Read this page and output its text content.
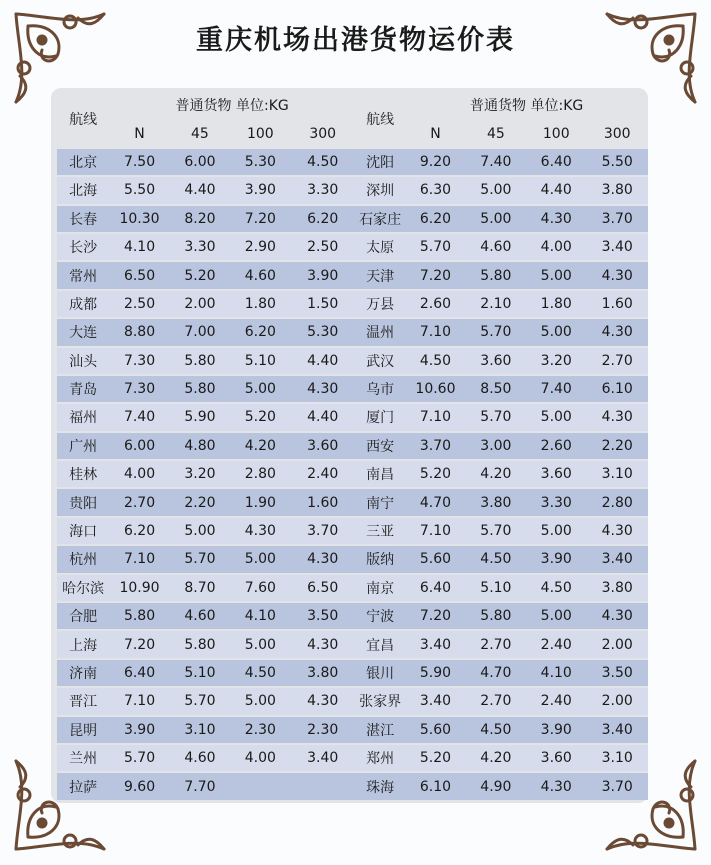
重庆机场出港货物运价表
航线	普通货物 单位:KG				航线	普通货物 单位:KG			
	N	45	100	300		N	45	100	300
北京	7.50	6.00	5.30	4.50	沈阳	9.20	7.40	6.40	5.50
北海	5.50	4.40	3.90	3.30	深圳	6.30	5.00	4.40	3.80
长春	10.30	8.20	7.20	6.20	石家庄	6.20	5.00	4.30	3.70
长沙	4.10	3.30	2.90	2.50	太原	5.70	4.60	4.00	3.40
常州	6.50	5.20	4.60	3.90	天津	7.20	5.80	5.00	4.30
成都	2.50	2.00	1.80	1.50	万县	2.60	2.10	1.80	1.60
大连	8.80	7.00	6.20	5.30	温州	7.10	5.70	5.00	4.30
汕头	7.30	5.80	5.10	4.40	武汉	4.50	3.60	3.20	2.70
青岛	7.30	5.80	5.00	4.30	乌市	10.60	8.50	7.40	6.10
福州	7.40	5.90	5.20	4.40	厦门	7.10	5.70	5.00	4.30
广州	6.00	4.80	4.20	3.60	西安	3.70	3.00	2.60	2.20
桂林	4.00	3.20	2.80	2.40	南昌	5.20	4.20	3.60	3.10
贵阳	2.70	2.20	1.90	1.60	南宁	4.70	3.80	3.30	2.80
海口	6.20	5.00	4.30	3.70	三亚	7.10	5.70	5.00	4.30
杭州	7.10	5.70	5.00	4.30	版纳	5.60	4.50	3.90	3.40
哈尔滨	10.90	8.70	7.60	6.50	南京	6.40	5.10	4.50	3.80
合肥	5.80	4.60	4.10	3.50	宁波	7.20	5.80	5.00	4.30
上海	7.20	5.80	5.00	4.30	宜昌	3.40	2.70	2.40	2.00
济南	6.40	5.10	4.50	3.80	银川	5.90	4.70	4.10	3.50
晋江	7.10	5.70	5.00	4.30	张家界	3.40	2.70	2.40	2.00
昆明	3.90	3.10	2.30	2.30	湛江	5.60	4.50	3.90	3.40
兰州	5.70	4.60	4.00	3.40	郑州	5.20	4.20	3.60	3.10
拉萨	9.60	7.70			珠海	6.10	4.90	4.30	3.70
